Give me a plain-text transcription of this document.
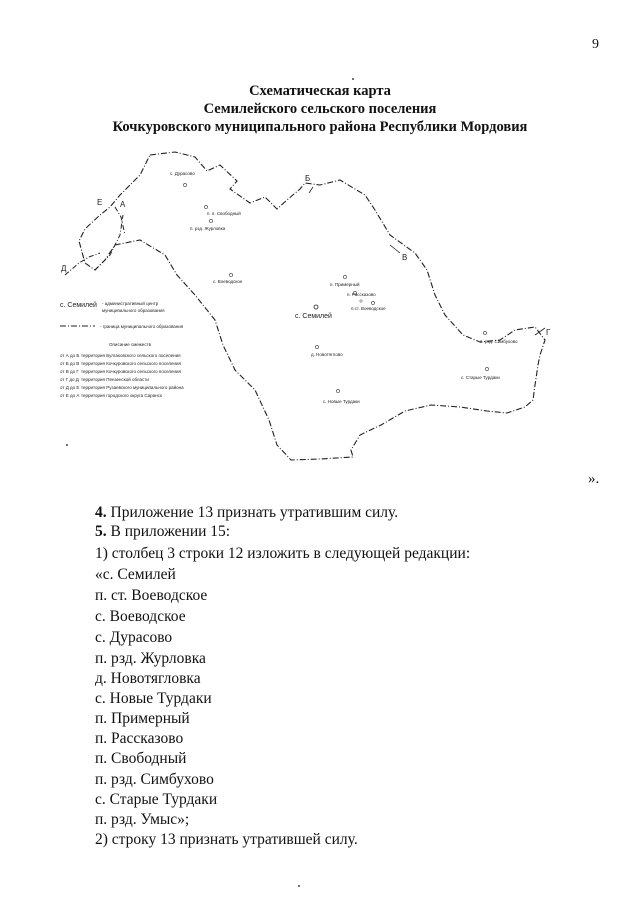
9
Схематическая карта
Семилейского сельского поселения
Кочкуровского муниципального района Республики Мордовия
А
Б
В
Г
Д
Е
с. Дурасово
п. п. Свободный
п. рзд. Журловка
с. Воеводское
п. Примерный
п. Рассказово
п.ст. Воеводское
с. Семилей
д. Новотяглово
п. рзд. Симбухово
с. Старые Турдаки
с. Новые Турдаки
с. Семилей - административный центр
муниципального образования
- граница муниципального образования
Описание смежеств
от А до Б территория Булгаковского сельского поселения
от Б до В территория Кочкуровского сельского поселения
от В до Г территория Кочкуровского сельского поселения
от Г до Д территория Пензенской области
от Д до Е территория Рузаевского муниципального района
от Е до А территория городского округа Саранск
».
4. Приложение 13 признать утратившим силу.
5. В приложении 15:
1) столбец 3 строки 12 изложить в следующей редакции:
«с. Семилей
п. ст. Воеводское
с. Воеводское
с. Дурасово
п. рзд. Журловка
д. Новотягловка
с. Новые Турдаки
п. Примерный
п. Рассказово
п. Свободный
п. рзд. Симбухово
с. Старые Турдаки
п. рзд. Умыс»;
2) строку 13 признать утратившей силу.
